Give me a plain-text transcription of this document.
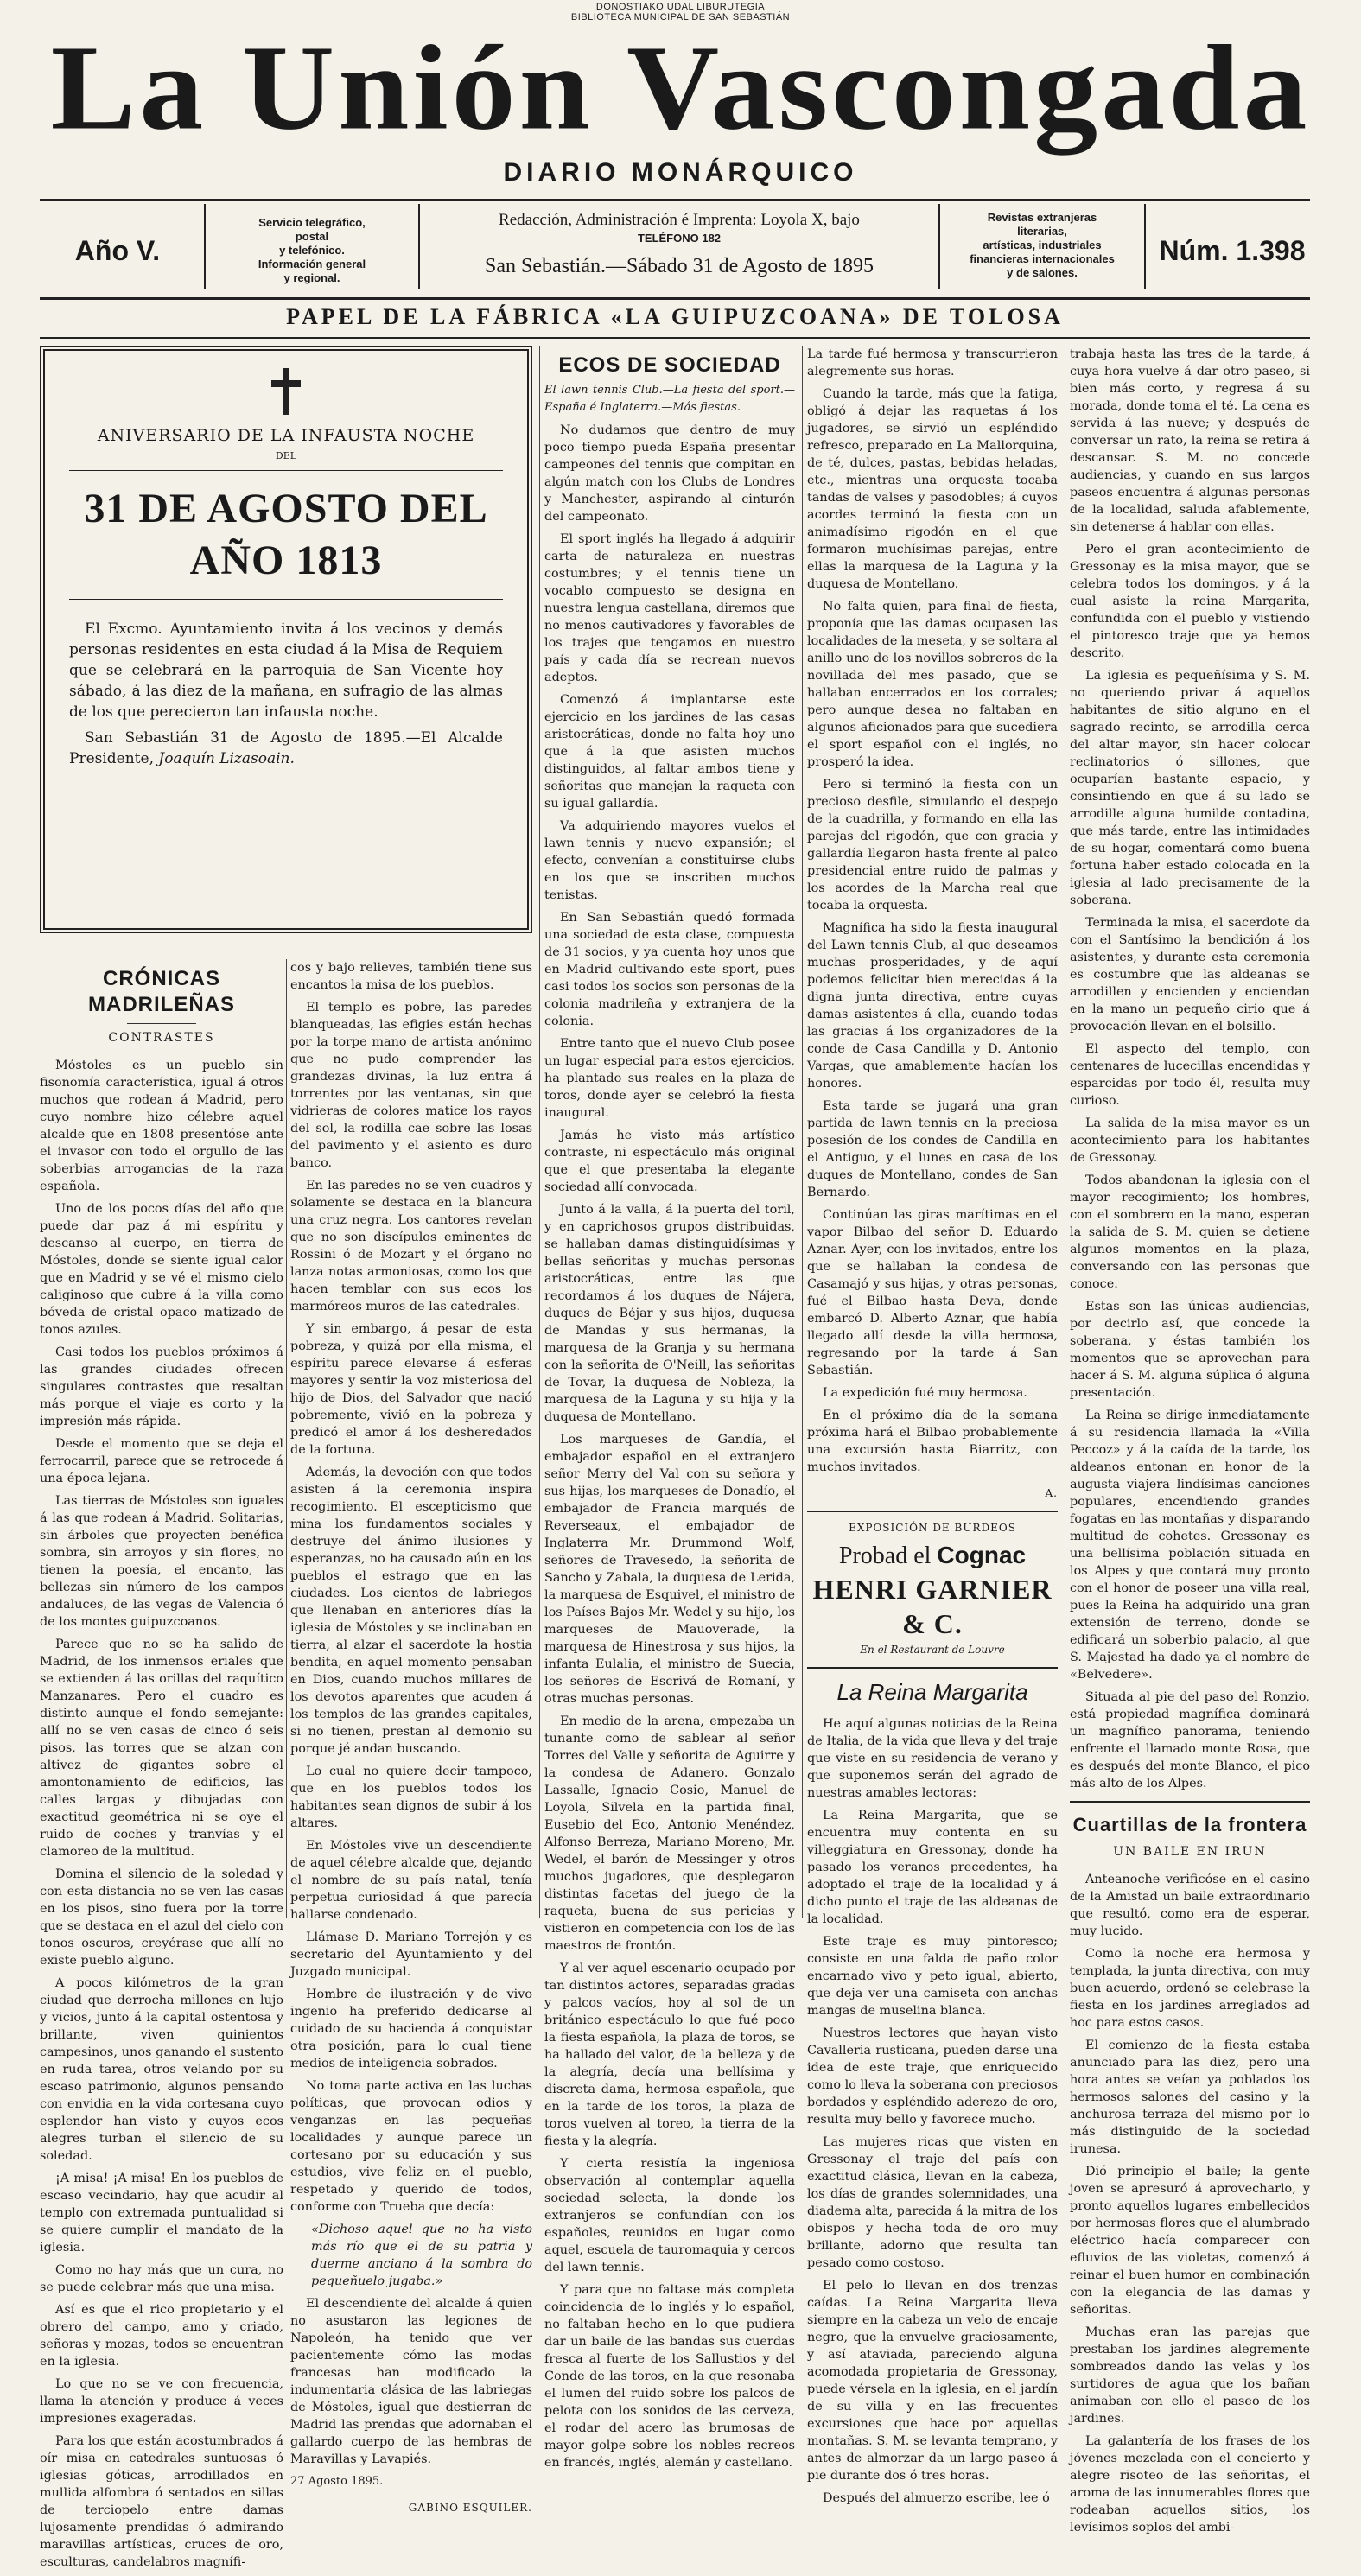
DONOSTIAKO UDAL LIBURUTEGIA
BIBLIOTECA MUNICIPAL DE SAN SEBASTIÁN
La Unión Vascongada
DIARIO MONÁRQUICO
Año V.
Servicio telegráfico,
postal
y telefónico.
Información general
y regional.
Redacción, Administración é Imprenta: Loyola X, bajo
TELÉFONO 182
San Sebastián.—Sábado 31 de Agosto de 1895
Revistas extranjeras
literarias,
artísticas, industriales
financieras internacionales
y de salones.
Núm. 1.398
PAPEL DE LA FÁBRICA «LA GUIPUZCOANA» DE TOLOSA
ANIVERSARIO DE LA INFAUSTA NOCHE
DEL
31 DE AGOSTO DEL AÑO 1813

El Excmo. Ayuntamiento invita á los vecinos y demás personas residentes en esta ciudad á la Misa de Requiem que se celebrará en la parroquia de San Vicente hoy sábado, á las diez de la mañana, en sufragio de las almas de los que perecieron tan infausta noche.

San Sebastián 31 de Agosto de 1895.—El Alcalde Presidente, Joaquín Lizasoain.

CRÓNICAS MADRILEÑAS
CONTRASTES

Móstoles es un pueblo sin fisonomía característica, igual á otros muchos que rodean á Madrid, pero cuyo nombre hizo célebre aquel alcalde que en 1808 presentóse ante el invasor con todo el orgullo de las soberbias arrogancias de la raza española.

Uno de los pocos días del año que puede dar paz á mi espíritu y descanso al cuerpo, en tierra de Móstoles, donde se siente igual calor que en Madrid y se vé el mismo cielo caliginoso que cubre á la villa como bóveda de cristal opaco matizado de tonos azules.

Casi todos los pueblos próximos á las grandes ciudades ofrecen singulares contrastes que resaltan más porque el viaje es corto y la impresión más rápida.

Desde el momento que se deja el ferrocarril, parece que se retrocede á una época lejana.

Las tierras de Móstoles son iguales á las que rodean á Madrid. Solitarias, sin árboles que proyecten benéfica sombra, sin arroyos y sin flores, no tienen la poesía, el encanto, las bellezas sin número de los campos andaluces, de las vegas de Valencia ó de los montes guipuzcoanos.

Parece que no se ha salido de Madrid, de los inmensos eriales que se extienden á las orillas del raquítico Manzanares. Pero el cuadro es distinto aunque el fondo semejante: allí no se ven casas de cinco ó seis pisos, las torres que se alzan con altivez de gigantes sobre el amontonamiento de edificios, las calles largas y dibujadas con exactitud geométrica ni se oye el ruido de coches y tranvías y el clamoreo de la multitud.

Domina el silencio de la soledad y con esta distancia no se ven las casas en los pisos, sino fuera por la torre que se destaca en el azul del cielo con tonos oscuros, creyérase que allí no existe pueblo alguno.

A pocos kilómetros de la gran ciudad que derrocha millones en lujo y vicios, junto á la capital ostentosa y brillante, viven quinientos campesinos, unos ganando el sustento en ruda tarea, otros velando por su escaso patrimonio, algunos pensando con envidia en la vida cortesana cuyo esplendor han visto y cuyos ecos alegres turban el silencio de su soledad.

¡A misa! ¡A misa! En los pueblos de escaso vecindario, hay que acudir al templo con extremada puntualidad si se quiere cumplir el mandato de la iglesia.

Como no hay más que un cura, no se puede celebrar más que una misa.

Así es que el rico propietario y el obrero del campo, amo y criado, señoras y mozas, todos se encuentran en la iglesia.

Lo que no se ve con frecuencia, llama la atención y produce á veces impresiones exageradas.

Para los que están acostumbrados á oír misa en catedrales suntuosas ó iglesias góticas, arrodillados en mullida alfombra ó sentados en sillas de terciopelo entre damas lujosamente prendidas ó admirando maravillas artísticas, cruces de oro, esculturas, candelabros magnífi-

cos y bajo relieves, también tiene sus encantos la misa de los pueblos.

El templo es pobre, las paredes blanqueadas, las efigies están hechas por la torpe mano de artista anónimo que no pudo comprender las grandezas divinas, la luz entra á torrentes por las ventanas, sin que vidrieras de colores matice los rayos del sol, la rodilla cae sobre las losas del pavimento y el asiento es duro banco.

En las paredes no se ven cuadros y solamente se destaca en la blancura una cruz negra. Los cantores revelan que no son discípulos eminentes de Rossini ó de Mozart y el órgano no lanza notas armoniosas, como los que hacen temblar con sus ecos los marmóreos muros de las catedrales.

Y sin embargo, á pesar de esta pobreza, y quizá por ella misma, el espíritu parece elevarse á esferas mayores y sentir la voz misteriosa del hijo de Dios, del Salvador que nació pobremente, vivió en la pobreza y predicó el amor á los desheredados de la fortuna.

Además, la devoción con que todos asisten á la ceremonia inspira recogimiento. El escepticismo que mina los fundamentos sociales y destruye del ánimo ilusiones y esperanzas, no ha causado aún en los pueblos el estrago que en las ciudades. Los cientos de labriegos que llenaban en anteriores días la iglesia de Móstoles y se inclinaban en tierra, al alzar el sacerdote la hostia bendita, en aquel momento pensaban en Dios, cuando muchos millares de los devotos aparentes que acuden á los templos de las grandes capitales, si no tienen, prestan al demonio su porque jé andan buscando.

Lo cual no quiere decir tampoco, que en los pueblos todos los habitantes sean dignos de subir á los altares.

En Móstoles vive un descendiente de aquel célebre alcalde que, dejando el nombre de su país natal, tenía perpetua curiosidad á que parecía hallarse condenado.

Llámase D. Mariano Torrejón y es secretario del Ayuntamiento y del Juzgado municipal.

Hombre de ilustración y de vivo ingenio ha preferido dedicarse al cuidado de su hacienda á conquistar otra posición, para lo cual tiene medios de inteligencia sobrados.

No toma parte activa en las luchas políticas, que provocan odios y venganzas en las pequeñas localidades y aunque parece un cortesano por su educación y sus estudios, vive feliz en el pueblo, respetado y querido de todos, conforme con Trueba que decía:

«Dichoso aquel que no ha visto más río que el de su patria y duerme anciano á la sombra do pequeñuelo jugaba.»

El descendiente del alcalde á quien no asustaron las legiones de Napoleón, ha tenido que ver pacientemente cómo las modas francesas han modificado la indumentaria clásica de las labriegas de Móstoles, igual que destierran de Madrid las prendas que adornaban el gallardo cuerpo de las hembras de Maravillas y Lavapiés.

27 Agosto 1895.

GABINO ESQUILER.
ECOS DE SOCIEDAD

El lawn tennis Club.—La fiesta del sport.—España é Inglaterra.—Más fiestas.

No dudamos que dentro de muy poco tiempo pueda España presentar campeones del tennis que compitan en algún match con los Clubs de Londres y Manchester, aspirando al cinturón del campeonato.

El sport inglés ha llegado á adquirir carta de naturaleza en nuestras costumbres; y el tennis tiene un vocablo compuesto se designa en nuestra lengua castellana, diremos que no menos cautivadores y favorables de los trajes que tengamos en nuestro país y cada día se recrean nuevos adeptos.

Comenzó á implantarse este ejercicio en los jardines de las casas aristocráticas, donde no falta hoy uno que á la que asisten muchos distinguidos, al faltar ambos tiene y señoritas que manejan la raqueta con su igual gallardía.

Va adquiriendo mayores vuelos el lawn tennis y nuevo expansión; el efecto, convenían a constituirse clubs en los que se inscriben muchos tenistas.

En San Sebastián quedó formada una sociedad de esta clase, compuesta de 31 socios, y ya cuenta hoy unos que en Madrid cultivando este sport, pues casi todos los socios son personas de la colonia madrileña y extranjera de la colonia.

Entre tanto que el nuevo Club posee un lugar especial para estos ejercicios, ha plantado sus reales en la plaza de toros, donde ayer se celebró la fiesta inaugural.

Jamás he visto más artístico contraste, ni espectáculo más original que el que presentaba la elegante sociedad allí convocada.

Junto á la valla, á la puerta del toril, y en caprichosos grupos distribuidas, se hallaban damas distinguidísimas y bellas señoritas y muchas personas aristocráticas, entre las que recordamos á los duques de Nájera, duques de Béjar y sus hijos, duquesa de Mandas y sus hermanas, la marquesa de la Granja y su hermana con la señorita de O'Neill, las señoritas de Tovar, la duquesa de Nobleza, la marquesa de la Laguna y su hija y la duquesa de Montellano.

Los marqueses de Gandía, el embajador español en el extranjero señor Merry del Val con su señora y sus hijas, los marqueses de Donadío, el embajador de Francia marqués de Reverseaux, el embajador de Inglaterra Mr. Drummond Wolf, señores de Travesedo, la señorita de Sancho y Zabala, la duquesa de Lerida, la marquesa de Esquivel, el ministro de los Países Bajos Mr. Wedel y su hijo, los marqueses de Mauoverade, la marquesa de Hinestrosa y sus hijos, la infanta Eulalia, el ministro de Suecia, los señores de Escrivá de Romaní, y otras muchas personas.

En medio de la arena, empezaba un tunante como de sablear al señor Torres del Valle y señorita de Aguirre y la condesa de Adanero. Gonzalo Lassalle, Ignacio Cosio, Manuel de Loyola, Silvela en la partida final, Eusebio del Eco, Antonio Menéndez, Alfonso Berreza, Mariano Moreno, Mr. Wedel, el barón de Messinger y otros muchos jugadores, que desplegaron distintas facetas del juego de la raqueta, buena de sus pericias y vistieron en competencia con los de las maestros de frontón.

Y al ver aquel escenario ocupado por tan distintos actores, separadas gradas y palcos vacíos, hoy al sol de un británico espectáculo lo que fué poco la fiesta española, la plaza de toros, se ha hallado del valor, de la belleza y de la alegría, decía una bellísima y discreta dama, hermosa española, que en la tarde de los toros, la plaza de toros vuelven al toreo, la tierra de la fiesta y la alegría.

Y cierta resistía la ingeniosa observación al contemplar aquella sociedad selecta, la donde los extranjeros se confundían con los españoles, reunidos en lugar como aquel, escuela de tauromaquia y cercos del lawn tennis.

Y para que no faltase más completa coincidencia de lo inglés y lo español, no faltaban hecho en lo que pudiera dar un baile de las bandas sus cuerdas fresca al fuerte de los Sallustios y del Conde de las toros, en la que resonaba el lumen del ruido sobre los palcos de pelota con los sonidos de las cerveza, el rodar del acero las brumosas de mayor golpe sobre los nobles recreos en francés, inglés, alemán y castellano.

La tarde fué hermosa y transcurrieron alegremente sus horas.

Cuando la tarde, más que la fatiga, obligó á dejar las raquetas á los jugadores, se sirvió un espléndido refresco, preparado en La Mallorquina, de té, dulces, pastas, bebidas heladas, etc., mientras una orquesta tocaba tandas de valses y pasodobles; á cuyos acordes terminó la fiesta con un animadísimo rigodón en el que formaron muchísimas parejas, entre ellas la marquesa de la Laguna y la duquesa de Montellano.

No falta quien, para final de fiesta, proponía que las damas ocupasen las localidades de la meseta, y se soltara al anillo uno de los novillos sobreros de la novillada del mes pasado, que se hallaban encerrados en los corrales; pero aunque desea no faltaban en algunos aficionados para que sucediera el sport español con el inglés, no prosperó la idea.

Pero si terminó la fiesta con un precioso desfile, simulando el despejo de la cuadrilla, y formando en ella las parejas del rigodón, que con gracia y gallardía llegaron hasta frente al palco presidencial entre ruido de palmas y los acordes de la Marcha real que tocaba la orquesta.

Magnífica ha sido la fiesta inaugural del Lawn tennis Club, al que deseamos muchas prosperidades, y de aquí podemos felicitar bien merecidas á la digna junta directiva, entre cuyas damas asistentes á ella, cuando todas las gracias á los organizadores de la conde de Casa Candilla y D. Antonio Vargas, que amablemente hacían los honores.

Esta tarde se jugará una gran partida de lawn tennis en la preciosa posesión de los condes de Candilla en el Antiguo, y el lunes en casa de los duques de Montellano, condes de San Bernardo.

Continúan las giras marítimas en el vapor Bilbao del señor D. Eduardo Aznar. Ayer, con los invitados, entre los que se hallaban la condesa de Casamajó y sus hijas, y otras personas, fué el Bilbao hasta Deva, donde embarcó D. Alberto Aznar, que había llegado allí desde la villa hermosa, regresando por la tarde á San Sebastián.

La expedición fué muy hermosa.

En el próximo día de la semana próxima hará el Bilbao probablemente una excursión hasta Biarritz, con muchos invitados.

A.
EXPOSICIÓN DE BURDEOS
Probad el Cognac
HENRI GARNIER & C.
En el Restaurant de Louvre
La Reina Margarita

He aquí algunas noticias de la Reina de Italia, de la vida que lleva y del traje que viste en su residencia de verano y que suponemos serán del agrado de nuestras amables lectoras:

La Reina Margarita, que se encuentra muy contenta en su villeggiatura en Gressonay, donde ha pasado los veranos precedentes, ha adoptado el traje de la localidad y á dicho punto el traje de las aldeanas de la localidad.

Este traje es muy pintoresco; consiste en una falda de paño color encarnado vivo y peto igual, abierto, que deja ver una camiseta con anchas mangas de muselina blanca.

Nuestros lectores que hayan visto Cavalleria rusticana, pueden darse una idea de este traje, que enriquecido como lo lleva la soberana con preciosos bordados y espléndido aderezo de oro, resulta muy bello y favorece mucho.

Las mujeres ricas que visten en Gressonay el traje del país con exactitud clásica, llevan en la cabeza, los días de grandes solemnidades, una diadema alta, parecida á la mitra de los obispos y hecha toda de oro muy brillante, adorno que resulta tan pesado como costoso.

El pelo lo llevan en dos trenzas caídas. La Reina Margarita lleva siempre en la cabeza un velo de encaje negro, que la envuelve graciosamente, y así ataviada, pareciendo alguna acomodada propietaria de Gressonay, puede vérsela en la iglesia, en el jardín de su villa y en las frecuentes excursiones que hace por aquellas montañas. S. M. se levanta temprano, y antes de almorzar da un largo paseo á pie durante dos ó tres horas.

Después del almuerzo escribe, lee ó

trabaja hasta las tres de la tarde, á cuya hora vuelve á dar otro paseo, si bien más corto, y regresa á su morada, donde toma el té. La cena es servida á las nueve; y después de conversar un rato, la reina se retira á descansar. S. M. no concede audiencias, y cuando en sus largos paseos encuentra á algunas personas de la localidad, saluda afablemente, sin detenerse á hablar con ellas.

Pero el gran acontecimiento de Gressonay es la misa mayor, que se celebra todos los domingos, y á la cual asiste la reina Margarita, confundida con el pueblo y vistiendo el pintoresco traje que ya hemos descrito.

La iglesia es pequeñísima y S. M. no queriendo privar á aquellos habitantes de sitio alguno en el sagrado recinto, se arrodilla cerca del altar mayor, sin hacer colocar reclinatorios ó sillones, que ocuparían bastante espacio, y consintiendo en que á su lado se arrodille alguna humilde contadina, que más tarde, entre las intimidades de su hogar, comentará como buena fortuna haber estado colocada en la iglesia al lado precisamente de la soberana.

Terminada la misa, el sacerdote da con el Santísimo la bendición á los asistentes, y durante esta ceremonia es costumbre que las aldeanas se arrodillen y encienden y enciendan en la mano un pequeño cirio que á provocación llevan en el bolsillo.

El aspecto del templo, con centenares de lucecillas encendidas y esparcidas por todo él, resulta muy curioso.

La salida de la misa mayor es un acontecimiento para los habitantes de Gressonay.

Todos abandonan la iglesia con el mayor recogimiento; los hombres, con el sombrero en la mano, esperan la salida de S. M. quien se detiene algunos momentos en la plaza, conversando con las personas que conoce.

Estas son las únicas audiencias, por decirlo así, que concede la soberana, y éstas también los momentos que se aprovechan para hacer á S. M. alguna súplica ó alguna presentación.

La Reina se dirige inmediatamente á su residencia llamada la «Villa Peccoz» y á la caída de la tarde, los aldeanos entonan en honor de la augusta viajera lindísimas canciones populares, encendiendo grandes fogatas en las montañas y disparando multitud de cohetes. Gressonay es una bellísima población situada en los Alpes y que contará muy pronto con el honor de poseer una villa real, pues la Reina ha adquirido una gran extensión de terreno, donde se edificará un soberbio palacio, al que S. Majestad ha dado ya el nombre de «Belvedere».

Situada al pie del paso del Ronzio, está propiedad magnífica dominará un magnífico panorama, teniendo enfrente el llamado monte Rosa, que es después del monte Blanco, el pico más alto de los Alpes.

Cuartillas de la frontera
UN BAILE EN IRUN

Anteanoche verificóse en el casino de la Amistad un baile extraordinario que resultó, como era de esperar, muy lucido.

Como la noche era hermosa y templada, la junta directiva, con muy buen acuerdo, ordenó se celebrase la fiesta en los jardines arreglados ad hoc para estos casos.

El comienzo de la fiesta estaba anunciado para las diez, pero una hora antes se veían ya poblados los hermosos salones del casino y la anchurosa terraza del mismo por lo más distinguido de la sociedad irunesa.

Dió principio el baile; la gente joven se apresuró á aprovecharlo, y pronto aquellos lugares embellecidos por hermosas flores que el alumbrado eléctrico hacía comparecer con efluvios de las violetas, comenzó á reinar el buen humor en combinación con la elegancia de las damas y señoritas.

Muchas eran las parejas que prestaban los jardines alegremente sombreados dando las velas y los surtidores de agua que los bañan animaban con ello el paseo de los jardines.

La galantería de los frases de los jóvenes mezclada con el concierto y alegre risoteo de las señoritas, el aroma de las innumerables flores que rodeaban aquellos sitios, los levísimos soplos del ambi-
